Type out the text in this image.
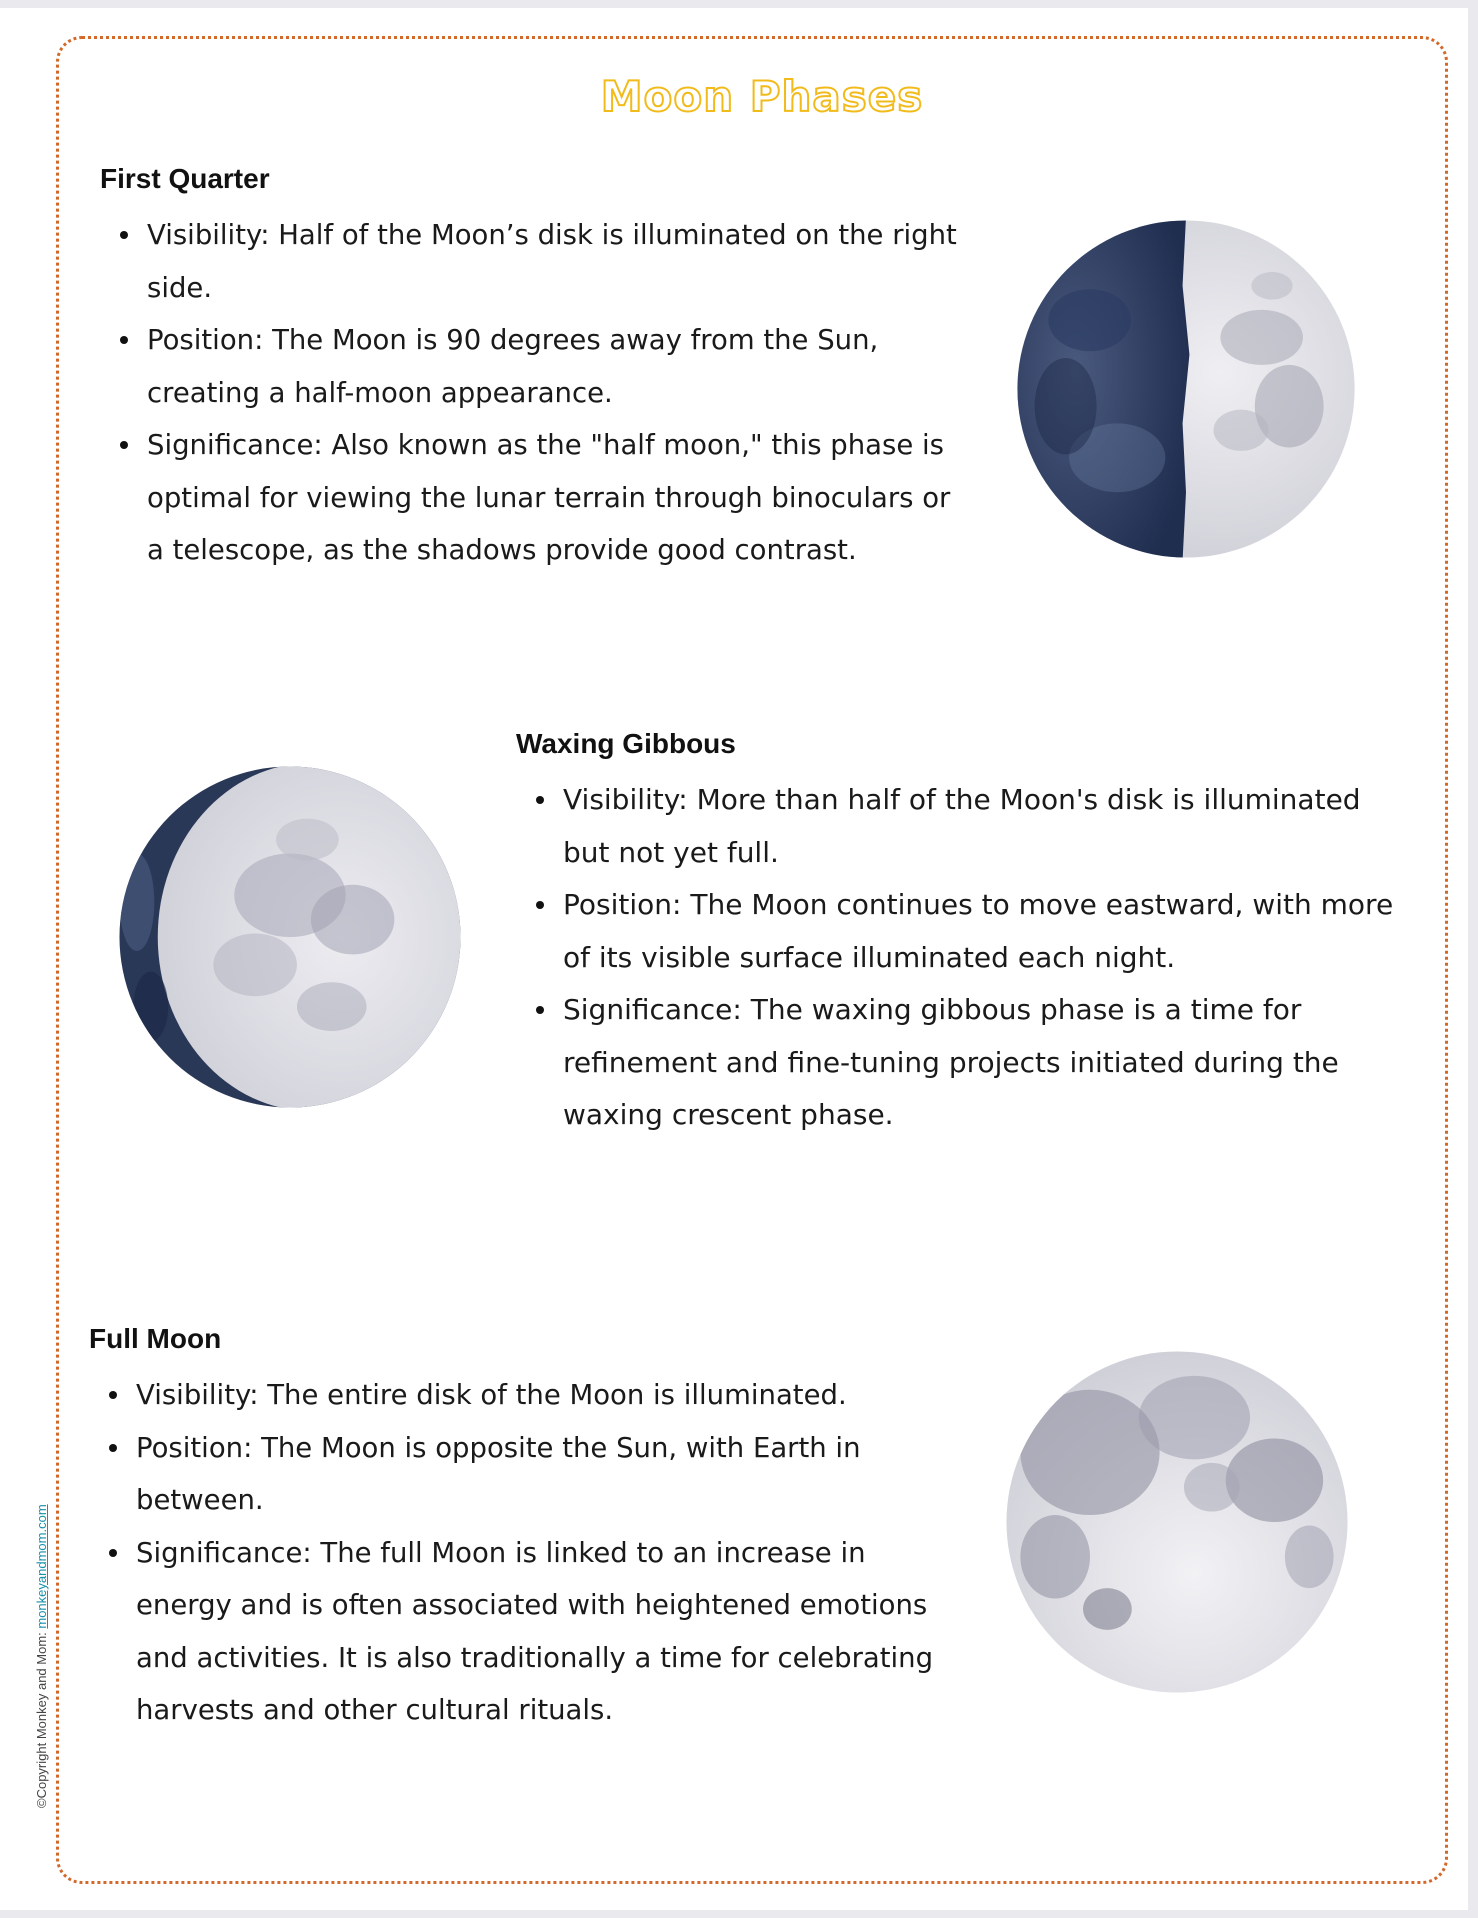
Moon Phases
First Quarter
Visibility: Half of the Moon’s disk is illuminated on the right side.
Position: The Moon is 90 degrees away from the Sun, creating a half-moon appearance.
Significance: Also known as the "half moon," this phase is optimal for viewing the lunar terrain through binoculars or a telescope, as the shadows provide good contrast.
Waxing Gibbous
Visibility: More than half of the Moon's disk is illuminated but not yet full.
Position: The Moon continues to move eastward, with more of its visible surface illuminated each night.
Significance: The waxing gibbous phase is a time for refinement and fine-tuning projects initiated during the waxing crescent phase.
Full Moon
Visibility: The entire disk of the Moon is illuminated.
Position: The Moon is opposite the Sun, with Earth in between.
Significance: The full Moon is linked to an increase in energy and is often associated with heightened emotions and activities. It is also traditionally a time for celebrating harvests and other cultural rituals.
©Copyright Monkey and Mom: monkeyandmom.com
